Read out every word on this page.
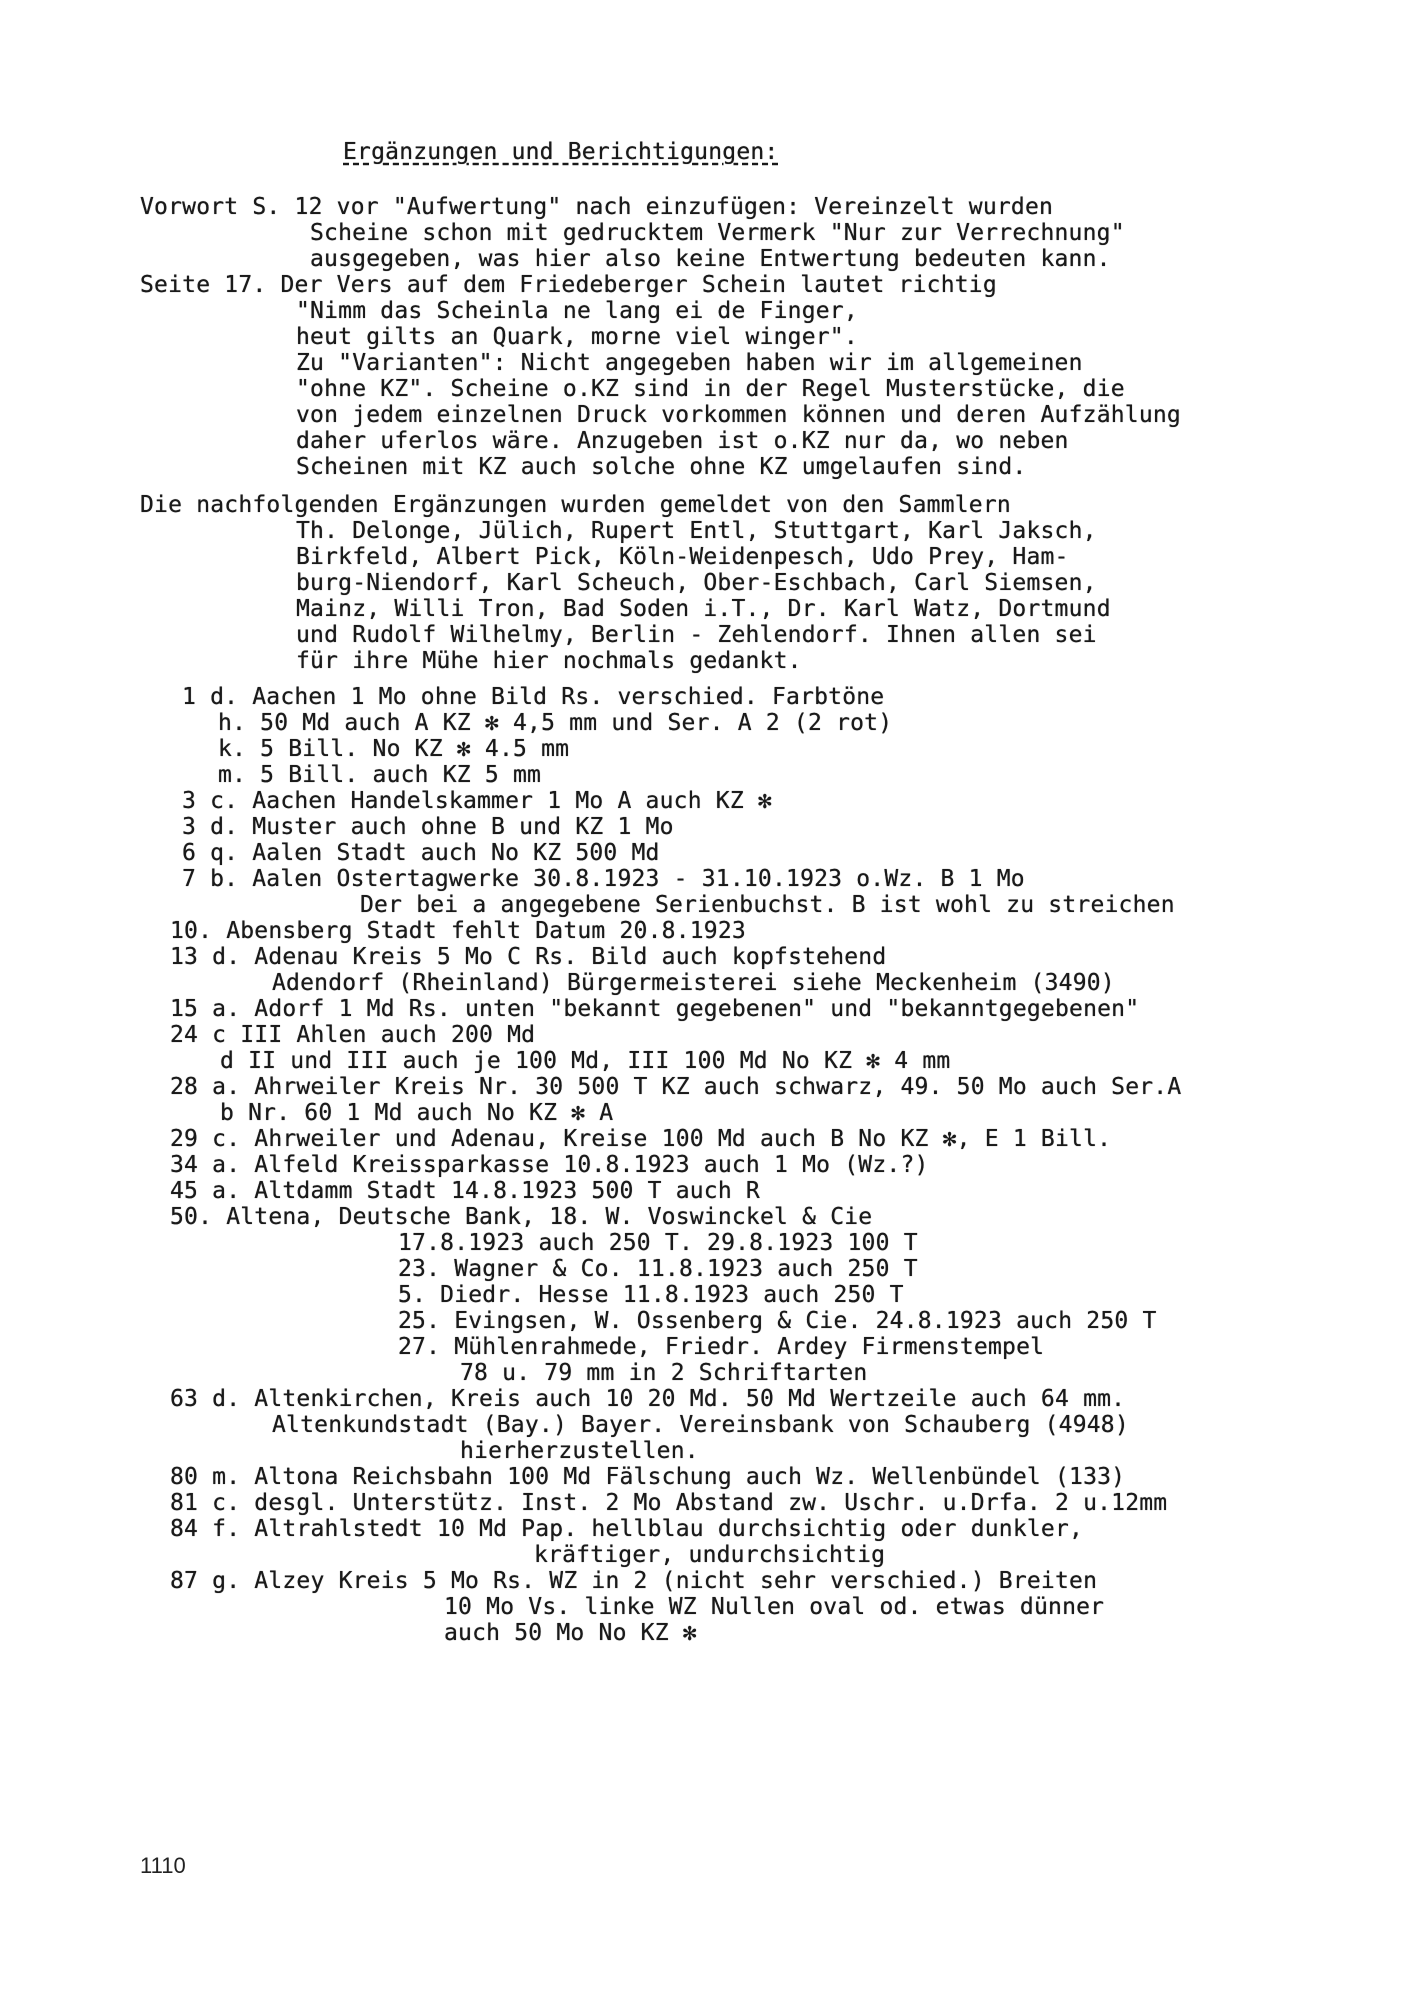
Ergänzungen und Berichtigungen:
Vorwort S. 12 vor "Aufwertung" nach einzufügen: Vereinzelt wurden
Scheine schon mit gedrucktem Vermerk "Nur zur Verrechnung"
ausgegeben, was hier also keine Entwertung bedeuten kann.
Seite 17. Der Vers auf dem Friedeberger Schein lautet richtig
"Nimm das Scheinla ne lang ei de Finger,
heut gilts an Quark, morne viel winger".
Zu "Varianten": Nicht angegeben haben wir im allgemeinen
"ohne KZ". Scheine o.KZ sind in der Regel Musterstücke, die
von jedem einzelnen Druck vorkommen können und deren Aufzählung
daher uferlos wäre. Anzugeben ist o.KZ nur da, wo neben
Scheinen mit KZ auch solche ohne KZ umgelaufen sind.
Die nachfolgenden Ergänzungen wurden gemeldet von den Sammlern
Th. Delonge, Jülich, Rupert Entl, Stuttgart, Karl Jaksch,
Birkfeld, Albert Pick, Köln-Weidenpesch, Udo Prey, Ham-
burg-Niendorf, Karl Scheuch, Ober-Eschbach, Carl Siemsen,
Mainz, Willi Tron, Bad Soden i.T., Dr. Karl Watz, Dortmund
und Rudolf Wilhelmy, Berlin - Zehlendorf. Ihnen allen sei
für ihre Mühe hier nochmals gedankt.
1 d. Aachen 1 Mo ohne Bild Rs. verschied. Farbtöne
h. 50 Md auch A KZ ✻ 4,5 mm und Ser. A 2 (2 rot)
k. 5 Bill. No KZ ✻ 4.5 mm
m. 5 Bill. auch KZ 5 mm
3 c. Aachen Handelskammer 1 Mo A auch KZ ✻
3 d. Muster auch ohne B und KZ 1 Mo
6 q. Aalen Stadt auch No KZ 500 Md
7 b. Aalen Ostertagwerke 30.8.1923 - 31.10.1923 o.Wz. B 1 Mo
Der bei a angegebene Serienbuchst. B ist wohl zu streichen
10. Abensberg Stadt fehlt Datum 20.8.1923
13 d. Adenau Kreis 5 Mo C Rs. Bild auch kopfstehend
Adendorf (Rheinland) Bürgermeisterei siehe Meckenheim (3490)
15 a. Adorf 1 Md Rs. unten "bekannt gegebenen" und "bekanntgegebenen"
24 c III Ahlen auch 200 Md
d II und III auch je 100 Md, III 100 Md No KZ ✻ 4 mm
28 a. Ahrweiler Kreis Nr. 30 500 T KZ auch schwarz, 49. 50 Mo auch Ser.A
b Nr. 60 1 Md auch No KZ ✻ A
29 c. Ahrweiler und Adenau, Kreise 100 Md auch B No KZ ✻, E 1 Bill.
34 a. Alfeld Kreissparkasse 10.8.1923 auch 1 Mo (Wz.?)
45 a. Altdamm Stadt 14.8.1923 500 T auch R
50. Altena, Deutsche Bank, 18. W. Voswinckel & Cie
17.8.1923 auch 250 T. 29.8.1923 100 T
23. Wagner & Co. 11.8.1923 auch 250 T
5. Diedr. Hesse 11.8.1923 auch 250 T
25. Evingsen, W. Ossenberg & Cie. 24.8.1923 auch 250 T
27. Mühlenrahmede, Friedr. Ardey Firmenstempel
78 u. 79 mm in 2 Schriftarten
63 d. Altenkirchen, Kreis auch 10 20 Md. 50 Md Wertzeile auch 64 mm.
Altenkundstadt (Bay.) Bayer. Vereinsbank von Schauberg (4948)
hierherzustellen.
80 m. Altona Reichsbahn 100 Md Fälschung auch Wz. Wellenbündel (133)
81 c. desgl. Unterstütz. Inst. 2 Mo Abstand zw. Uschr. u.Drfa. 2 u.12mm
84 f. Altrahlstedt 10 Md Pap. hellblau durchsichtig oder dunkler,
kräftiger, undurchsichtig
87 g. Alzey Kreis 5 Mo Rs. WZ in 2 (nicht sehr verschied.) Breiten
10 Mo Vs. linke WZ Nullen oval od. etwas dünner
auch 50 Mo No KZ ✻
1110
